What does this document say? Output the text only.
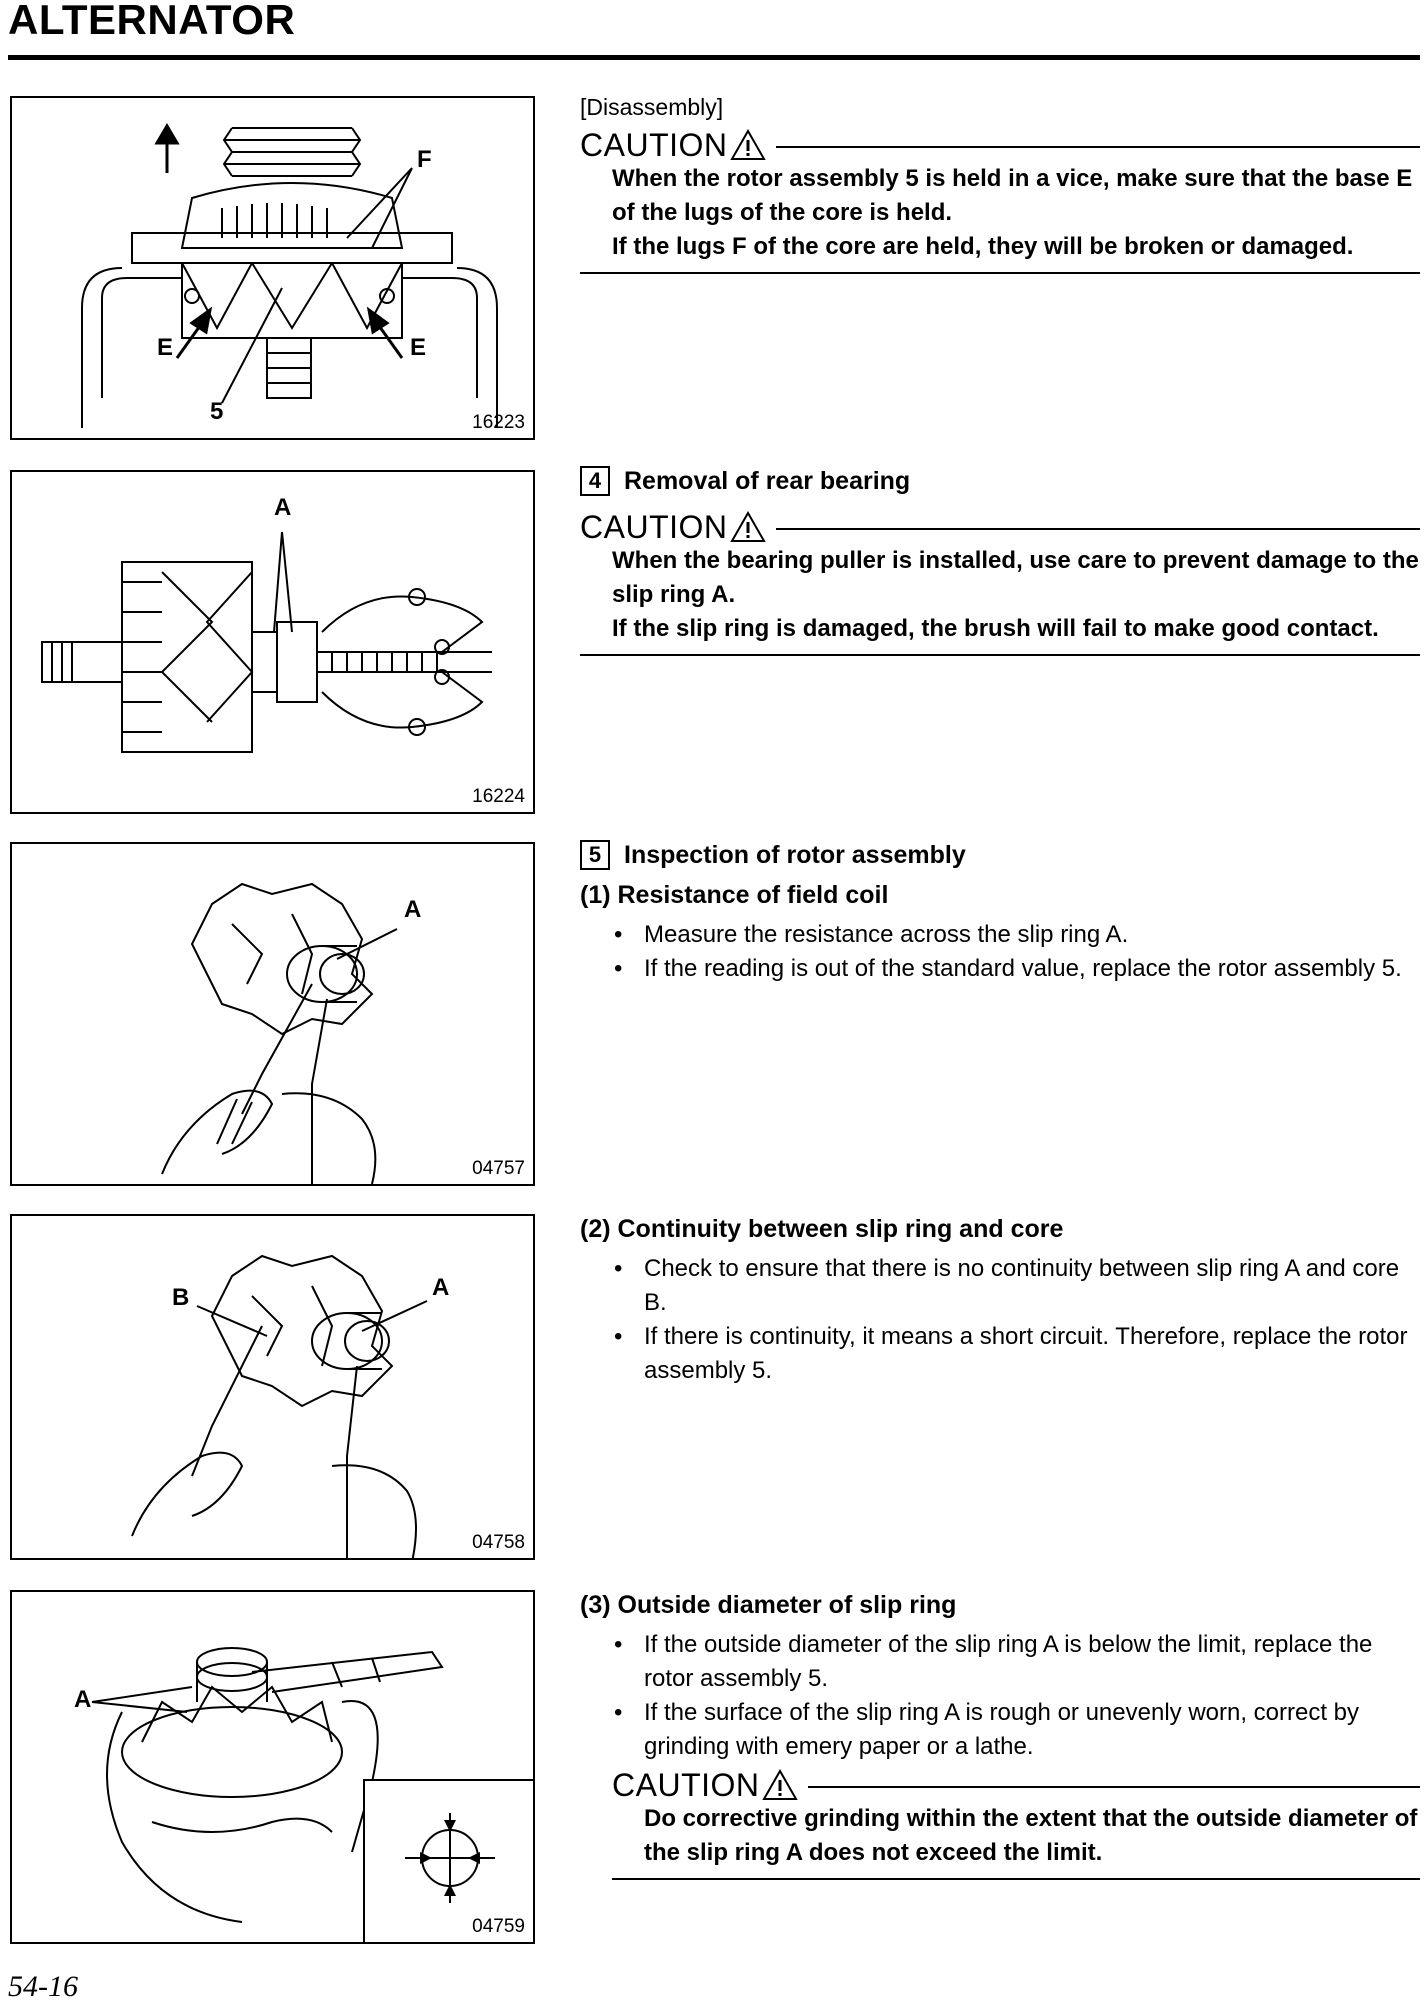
ALTERNATOR
F
E	E
5	16223
A
16224
A
04757
B	A
04758
A
04759
[Disassembly]
CAUTION

When the rotor assembly 5 is held in a vice, make sure that the base E of the lugs of the core is held.

If the lugs F of the core are held, they will be broken or damaged.

4 Removal of rear bearing
CAUTION

When the bearing puller is installed, use care to prevent damage to the slip ring A.

If the slip ring is damaged, the brush will fail to make good contact.

5 Inspection of rotor assembly
(1) Resistance of field coil
• Measure the resistance across the slip ring A.
• If the reading is out of the standard value, replace the rotor assembly 5.
(2) Continuity between slip ring and core
• Check to ensure that there is no continuity between slip ring A and core B.
• If there is continuity, it means a short circuit. Therefore, replace the rotor assembly 5.
(3) Outside diameter of slip ring
• If the outside diameter of the slip ring A is below the limit, replace the rotor assembly 5.
• If the surface of the slip ring A is rough or unevenly worn, correct by grinding with emery paper or a lathe.
CAUTION

Do corrective grinding within the extent that the outside diameter of the slip ring A does not exceed the limit.

54-16
